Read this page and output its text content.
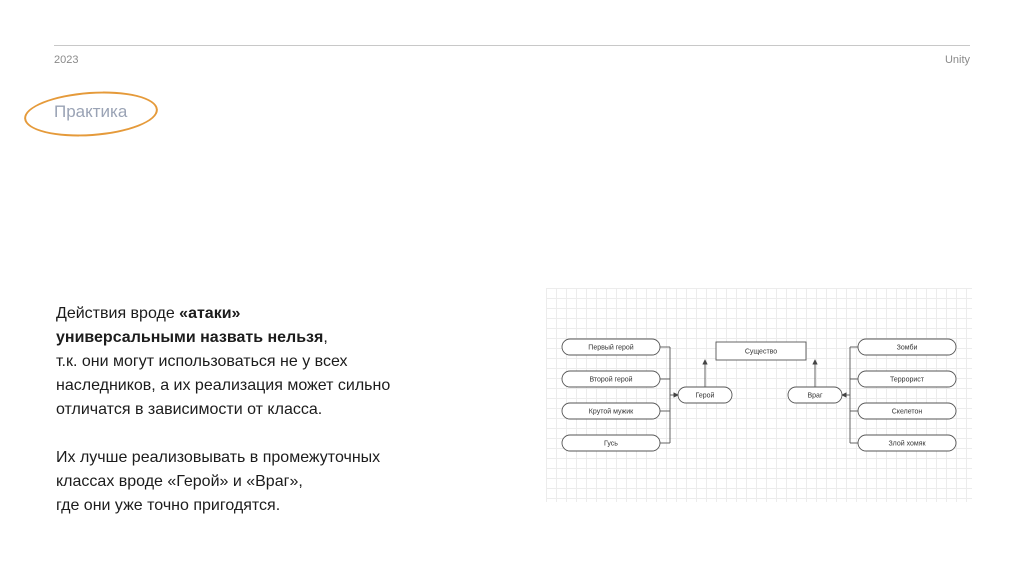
2023	Unity
Практика

Действия вроде «атаки»
универсальными назвать нельзя,
т.к. они могут использоваться не у всех
наследников, а их реализация может сильно
отличатся в зависимости от класса.

Их лучше реализовывать в промежуточных
классах вроде «Герой» и «Враг»,
где они уже точно пригодятся.

Первый герой
Второй герой
Крутой мужик
Гусь
Зомби
Террорист
Скелетон
Злой хомяк
Существо
Герой	Враг
